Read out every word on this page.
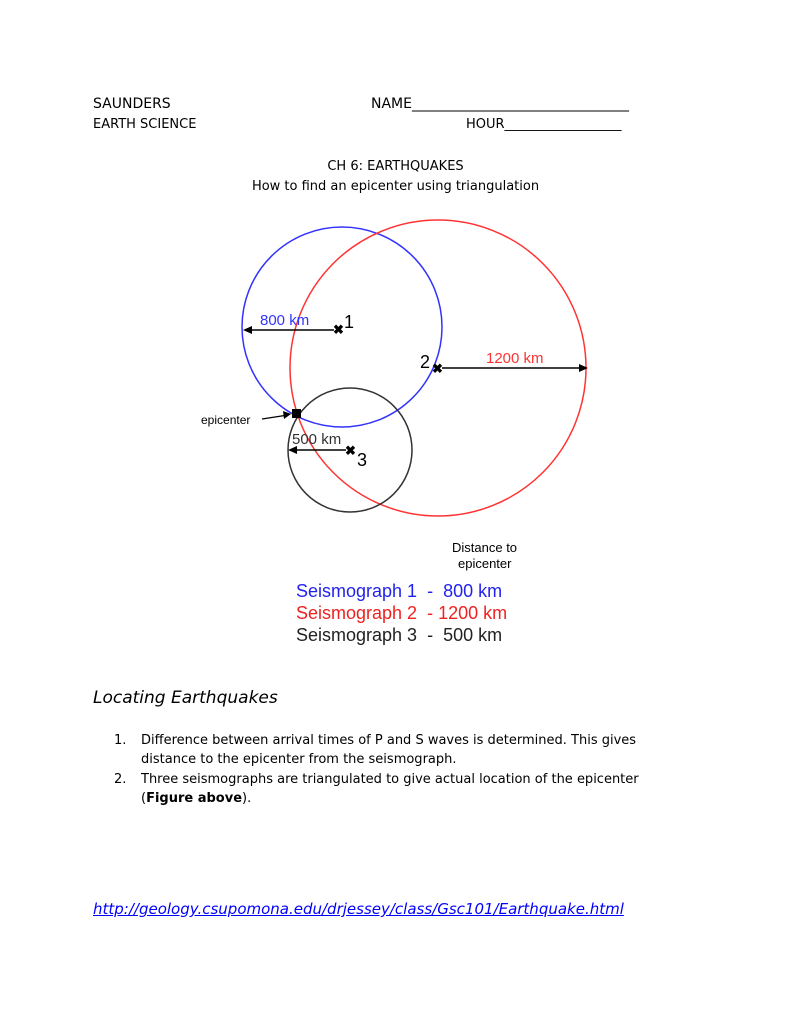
SAUNDERS
EARTH SCIENCE
NAME_______________________________
HOUR__________________
CH 6: EARTHQUAKES
How to find an epicenter using triangulation
800 km
✖ 1
1200 km
✖
2
500 km
✖ 3
epicenter
Distance to
epicenter
Seismograph 1  -  800 km
Seismograph 2  - 1200 km
Seismograph 3  -  500 km
Locating Earthquakes
1. Difference between arrival times of P and S waves is determined. This gives distance to the epicenter from the seismograph.
2. Three seismographs are triangulated to give actual location of the epicenter (Figure above).
http://geology.csupomona.edu/drjessey/class/Gsc101/Earthquake.html
